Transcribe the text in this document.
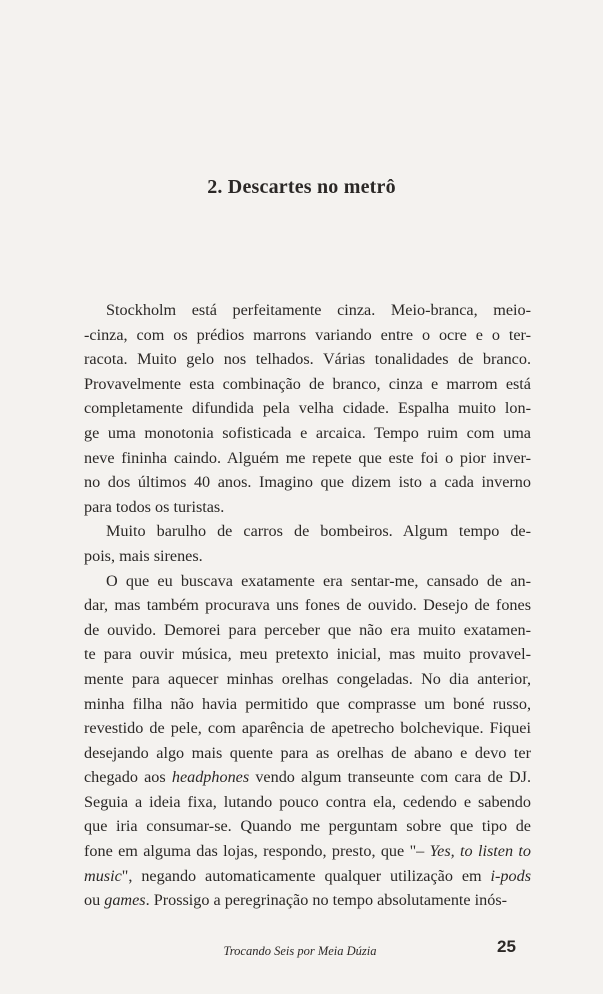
2. Descartes no metrô

Stockholm está perfeitamente cinza. Meio-branca, meio-
-cinza, com os prédios marrons variando entre o ocre e o ter-
racota. Muito gelo nos telhados. Várias tonalidades de branco.
Provavelmente esta combinação de branco, cinza e marrom está
completamente difundida pela velha cidade. Espalha muito lon-
ge uma monotonia sofisticada e arcaica. Tempo ruim com uma
neve fininha caindo. Alguém me repete que este foi o pior inver-
no dos últimos 40 anos. Imagino que dizem isto a cada inverno
para todos os turistas.

Muito barulho de carros de bombeiros. Algum tempo de-
pois, mais sirenes.

O que eu buscava exatamente era sentar-me, cansado de an-
dar, mas também procurava uns fones de ouvido. Desejo de fones
de ouvido. Demorei para perceber que não era muito exatamen-
te para ouvir música, meu pretexto inicial, mas muito provavel-
mente para aquecer minhas orelhas congeladas. No dia anterior,
minha filha não havia permitido que comprasse um boné russo,
revestido de pele, com aparência de apetrecho bolchevique. Fiquei
desejando algo mais quente para as orelhas de abano e devo ter
chegado aos headphones vendo algum transeunte com cara de DJ.
Seguia a ideia fixa, lutando pouco contra ela, cedendo e sabendo
que iria consumar-se. Quando me perguntam sobre que tipo de
fone em alguma das lojas, respondo, presto, que "– Yes, to listen to
music", negando automaticamente qualquer utilização em i-pods
ou games. Prossigo a peregrinação no tempo absolutamente inós-

Trocando Seis por Meia Dúzia	25
